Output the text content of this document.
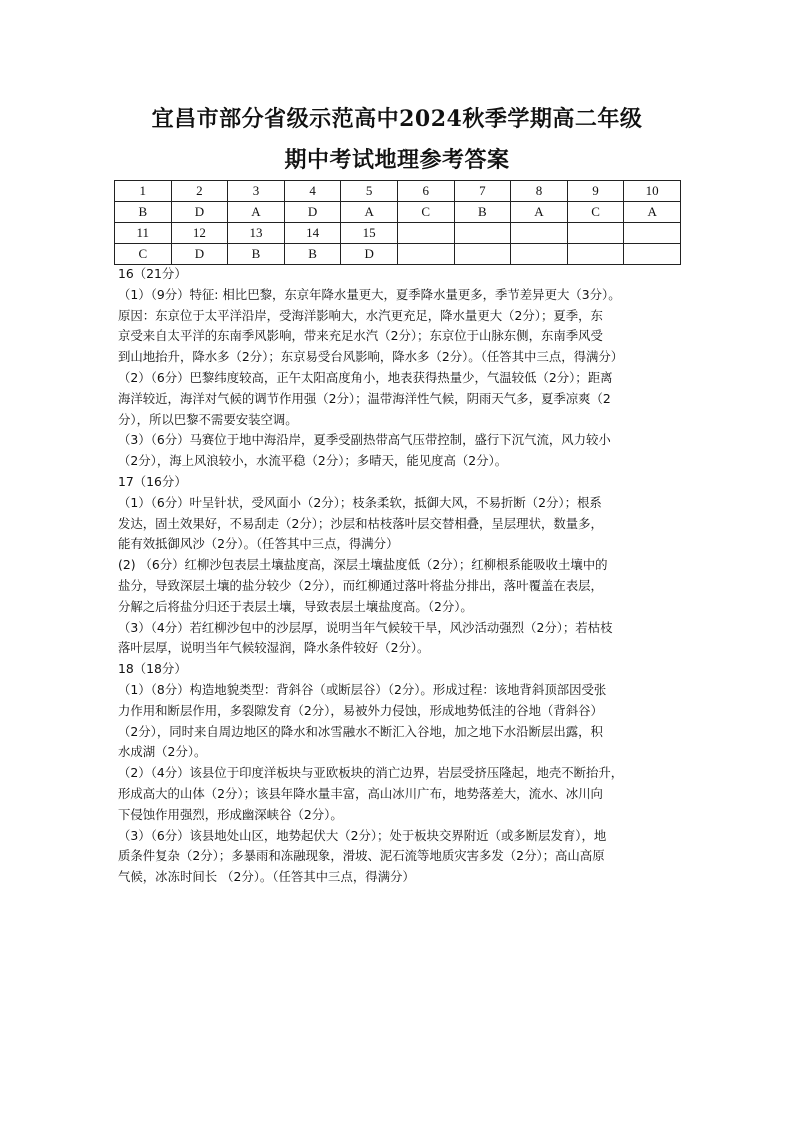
宜昌市部分省级示范高中2024秋季学期高二年级
期中考试地理参考答案
1	2	3	4	5	6	7	8	9	10
B	D	A	D	A	C	B	A	C	A
11	12	13	14	15					
C	D	B	B	D					

16（21分）

（1）（9分）特征: 相比巴黎，东京年降水量更大，夏季降水量更多，季节差异更大（3分）。

原因：东京位于太平洋沿岸，受海洋影响大，水汽更充足，降水量更大（2分）；夏季，东

京受来自太平洋的东南季风影响，带来充足水汽（2分）；东京位于山脉东侧，东南季风受

到山地抬升，降水多（2分）；东京易受台风影响，降水多（2分）。（任答其中三点，得满分）

（2）（6分）巴黎纬度较高，正午太阳高度角小，地表获得热量少，气温较低（2分）；距离

海洋较近，海洋对气候的调节作用强（2分）；温带海洋性气候，阴雨天气多，夏季凉爽（2

分），所以巴黎不需要安装空调。

（3）（6分）马赛位于地中海沿岸，夏季受副热带高气压带控制，盛行下沉气流，风力较小

（2分），海上风浪较小，水流平稳（2分）；多晴天，能见度高（2分）。

17（16分）

（1）（6分）叶呈针状，受风面小（2分）；枝条柔软，抵御大风，不易折断（2分）；根系

发达，固土效果好，不易刮走（2分）；沙层和枯枝落叶层交替相叠，呈层理状，数量多，

能有效抵御风沙（2分）。（任答其中三点，得满分）

(2) （6分）红柳沙包表层土壤盐度高，深层土壤盐度低（2分）；红柳根系能吸收土壤中的

盐分，导致深层土壤的盐分较少（2分），而红柳通过落叶将盐分排出，落叶覆盖在表层，

分解之后将盐分归还于表层土壤，导致表层土壤盐度高。（2分）。

（3）（4分）若红柳沙包中的沙层厚，说明当年气候较干旱，风沙活动强烈（2分）；若枯枝

落叶层厚，说明当年气候较湿润，降水条件较好（2分）。

18（18分）

（1）（8分）构造地貌类型：背斜谷（或断层谷）（2分）。形成过程：该地背斜顶部因受张

力作用和断层作用，多裂隙发育（2分），易被外力侵蚀，形成地势低洼的谷地（背斜谷）

（2分），同时来自周边地区的降水和冰雪融水不断汇入谷地，加之地下水沿断层出露，积

水成湖（2分）。

（2）（4分）该县位于印度洋板块与亚欧板块的消亡边界，岩层受挤压隆起，地壳不断抬升，

形成高大的山体（2分）；该县年降水量丰富，高山冰川广布，地势落差大，流水、冰川向

下侵蚀作用强烈，形成幽深峡谷（2分）。

（3）（6分）该县地处山区，地势起伏大（2分）；处于板块交界附近（或多断层发育），地

质条件复杂（2分）；多暴雨和冻融现象，滑坡、泥石流等地质灾害多发（2分）；高山高原

气候，冰冻时间长 （2分）。（任答其中三点，得满分）
